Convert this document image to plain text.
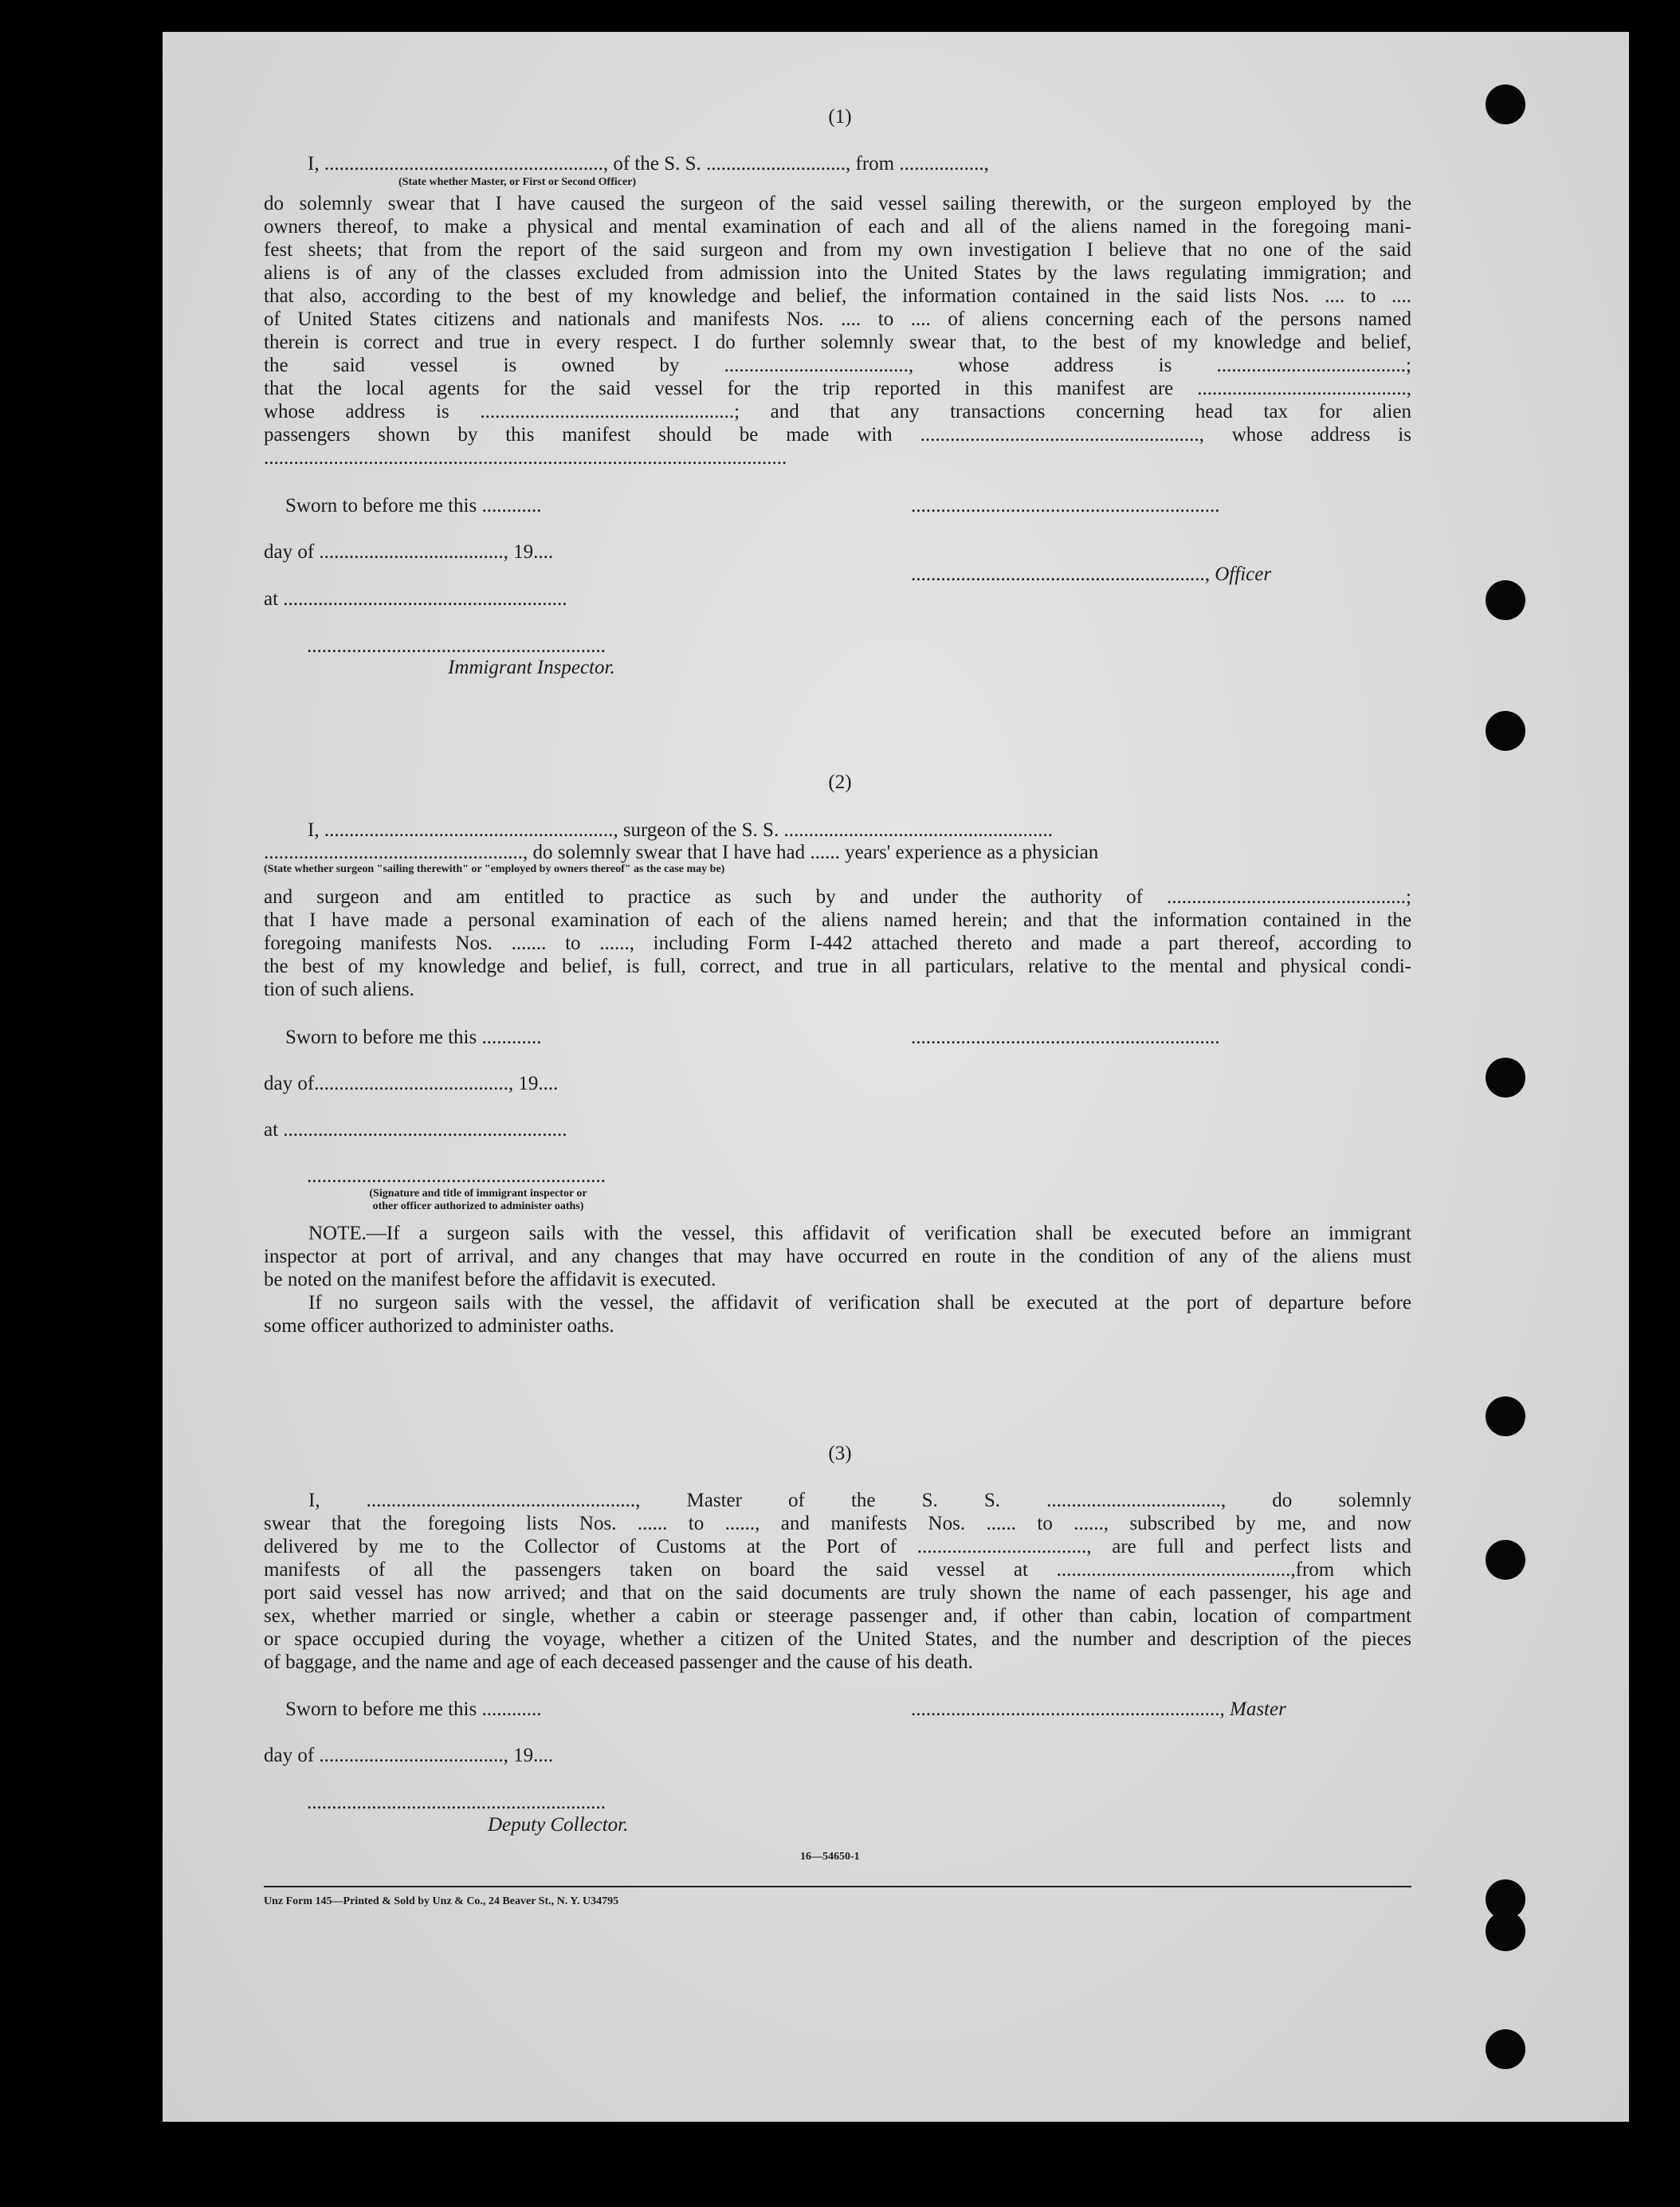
(1)
I, ........................................................, of the S. S. ............................, from .................,
(State whether Master, or First or Second Officer)
do solemnly swear that I have caused the surgeon of the said vessel sailing therewith, or the surgeon employed by the
owners thereof, to make a physical and mental examination of each and all of the aliens named in the foregoing mani-
fest sheets; that from the report of the said surgeon and from my own investigation I believe that no one of the said
aliens is of any of the classes excluded from admission into the United States by the laws regulating immigration; and
that also, according to the best of my knowledge and belief, the information contained in the said lists Nos. .... to ....
of United States citizens and nationals and manifests Nos. .... to .... of aliens concerning each of the persons named
therein is correct and true in every respect. I do further solemnly swear that, to the best of my knowledge and belief,
the said vessel is owned by ....................................., whose address is ......................................;
that the local agents for the said vessel for the trip reported in this manifest are ..........................................,
whose address is ...................................................; and that any transactions concerning head tax for alien
passengers shown by this manifest should be made with ........................................................, whose address is
.........................................................................................................
Sworn to before me this ............	..............................................................
day of ....................................., 19....
..........................................................., Officer
at .........................................................
............................................................
Immigrant Inspector.
(2)
I, .........................................................., surgeon of the S. S. ......................................................
...................................................., do solemnly swear that I have had ...... years' experience as a physician
(State whether surgeon "sailing therewith" or "employed by owners thereof" as the case may be)
and surgeon and am entitled to practice as such by and under the authority of ................................................;
that I have made a personal examination of each of the aliens named herein; and that the information contained in the
foregoing manifests Nos. ....... to ......, including Form I-442 attached thereto and made a part thereof, according to
the best of my knowledge and belief, is full, correct, and true in all particulars, relative to the mental and physical condi-
tion of such aliens.
Sworn to before me this ............	..............................................................
day of......................................., 19....
at .........................................................
............................................................
(Signature and title of immigrant inspector or
other officer authorized to administer oaths)
NOTE.—If a surgeon sails with the vessel, this affidavit of verification shall be executed before an immigrant
inspector at port of arrival, and any changes that may have occurred en route in the condition of any of the aliens must
be noted on the manifest before the affidavit is executed.
If no surgeon sails with the vessel, the affidavit of verification shall be executed at the port of departure before
some officer authorized to administer oaths.
(3)
I, ......................................................, Master of the S. S. ..................................., do solemnly
swear that the foregoing lists Nos. ...... to ......, and manifests Nos. ...... to ......, subscribed by me, and now
delivered by me to the Collector of Customs at the Port of .................................., are full and perfect lists and
manifests of all the passengers taken on board the said vessel at ...............................................,from which
port said vessel has now arrived; and that on the said documents are truly shown the name of each passenger, his age and
sex, whether married or single, whether a cabin or steerage passenger and, if other than cabin, location of compartment
or space occupied during the voyage, whether a citizen of the United States, and the number and description of the pieces
of baggage, and the name and age of each deceased passenger and the cause of his death.
Sworn to before me this ............	.............................................................., Master
day of ....................................., 19....
............................................................
Deputy Collector.
16—54650-1
Unz Form 145—Printed & Sold by Unz & Co., 24 Beaver St., N. Y. U34795
